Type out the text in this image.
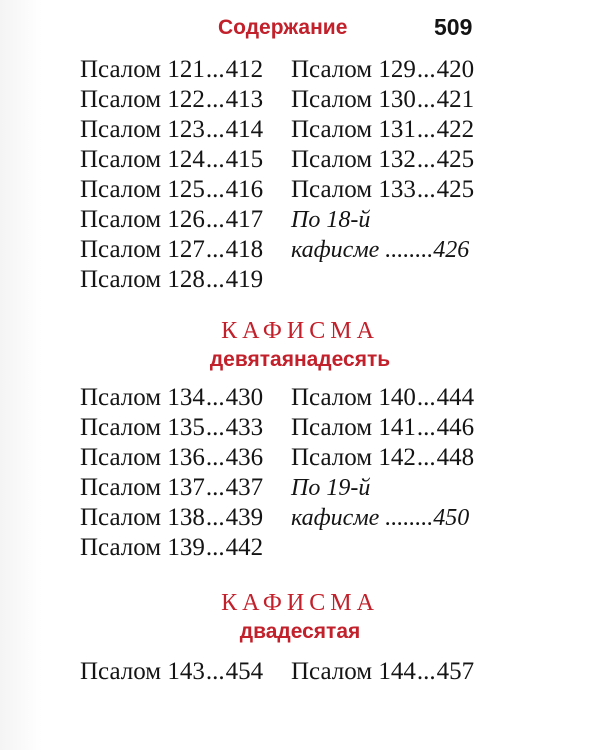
Содержание	509
Псалом 121...412
Псалом 122...413
Псалом 123...414
Псалом 124...415
Псалом 125...416
Псалом 126...417
Псалом 127...418
Псалом 128...419
Псалом 129...420
Псалом 130...421
Псалом 131...422
Псалом 132...425
Псалом 133...425
По 18-й
кафисме ........426
КАФИСМА
девятаянадесять
Псалом 134...430
Псалом 135...433
Псалом 136...436
Псалом 137...437
Псалом 138...439
Псалом 139...442
Псалом 140...444
Псалом 141...446
Псалом 142...448
По 19-й
кафисме ........450
КАФИСМА
двадесятая
Псалом 143...454 Псалом 144...457
